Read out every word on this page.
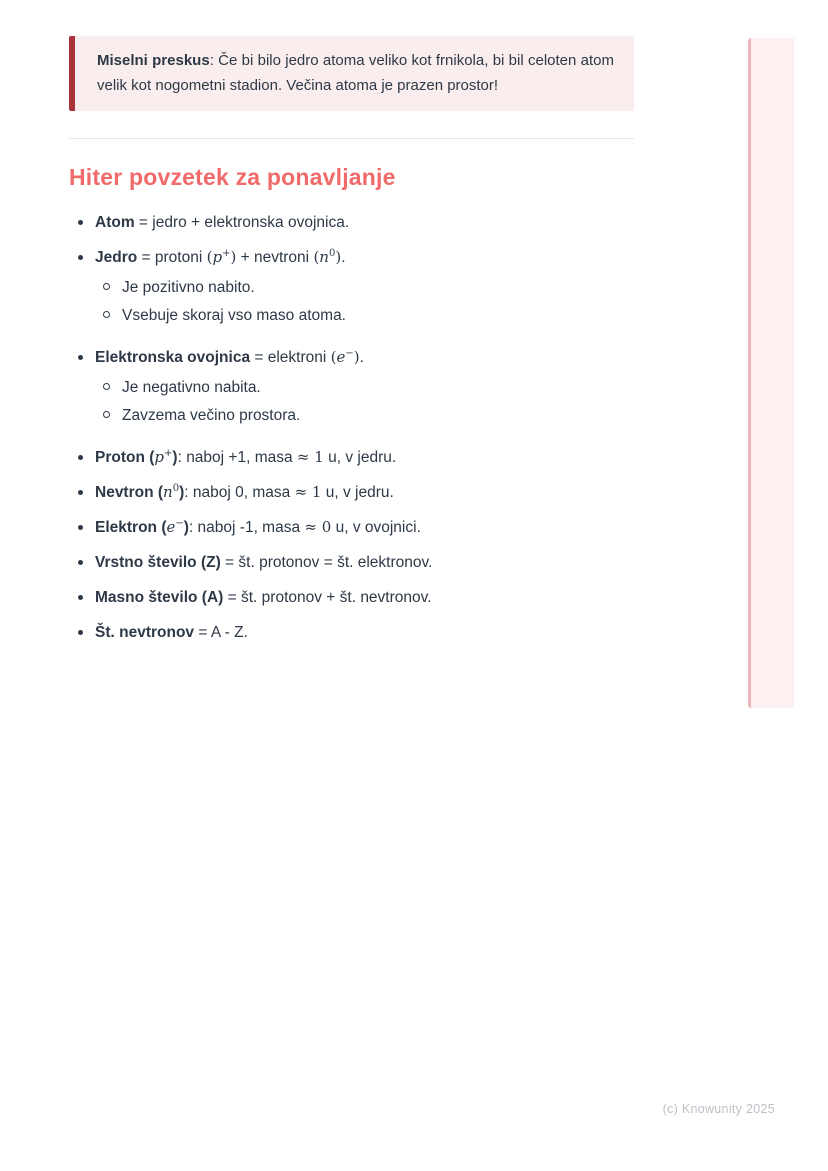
Miselni preskus: Če bi bilo jedro atoma veliko kot frnikola, bi bil celoten atom velik kot nogometni stadion. Večina atoma je prazen prostor!

Hiter povzetek za ponavljanje
Atom = jedro + elektronska ovojnica.
Jedro = protoni (p+) + nevtroni $(n^0)$.
Je pozitivno nabito.
Vsebuje skoraj vso maso atoma.
Elektronska ovojnica = elektroni (e−).
Je negativno nabita.
Zavzema večino prostora.
Proton (p+): naboj +1, masa ≈ 1 u, v jedru.
Nevtron $(n^0)$: naboj 0, masa ≈ 1 u, v jedru.
Elektron (e−): naboj -1, masa ≈ 0 u, v ovojnici.
Vrstno število (Z) = št. protonov = št. elektronov.
Masno število (A) = št. protonov + št. nevtronov.
Št. nevtronov = A - Z.
(c) Knowunity 2025
